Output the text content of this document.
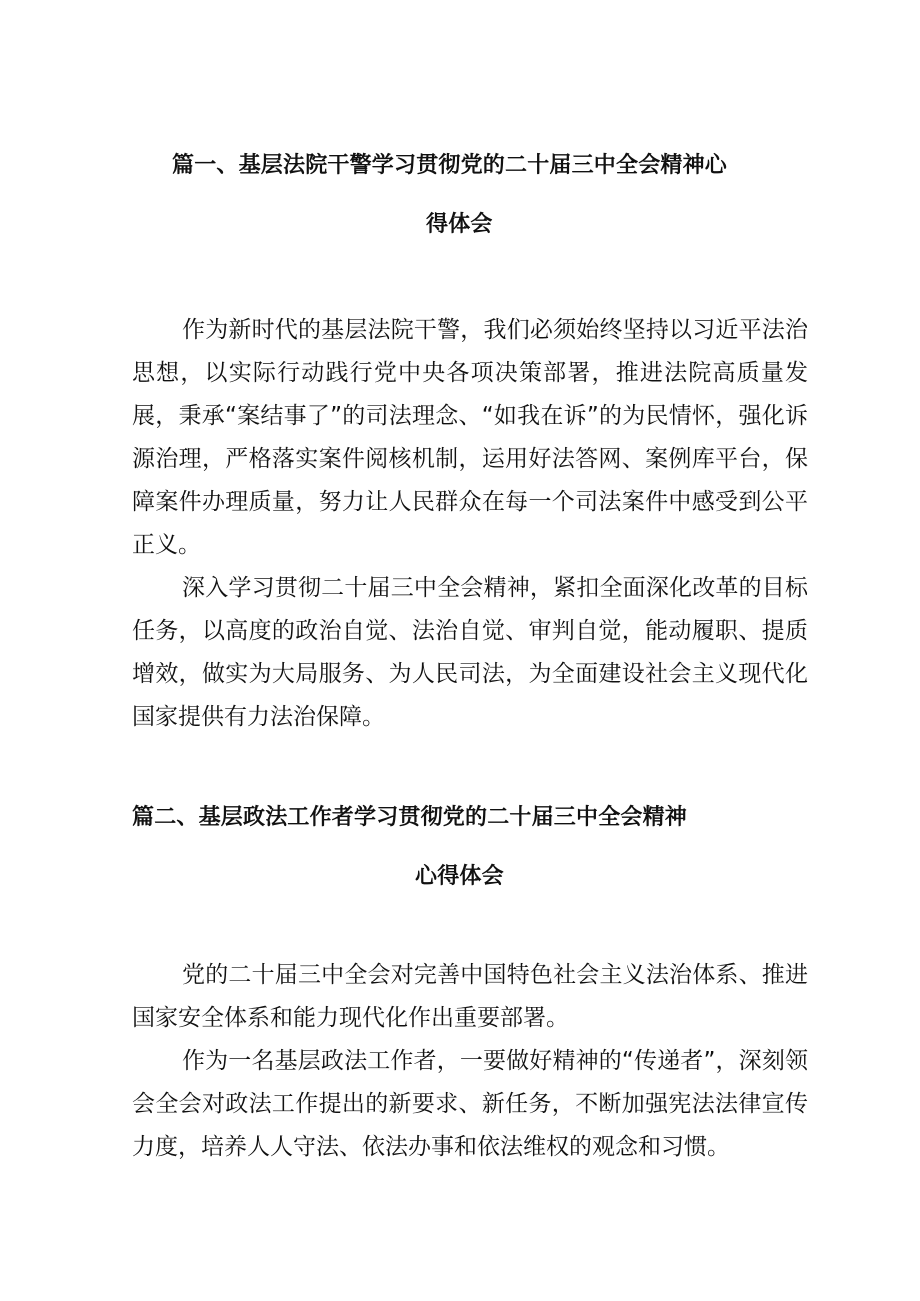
篇一、基层法院干警学习贯彻党的二十届三中全会精神心
得体会

作为新时代的基层法院干警，我们必须始终坚持以习近平法治思想，以实际行动践行党中央各项决策部署，推进法院高质量发展，秉承“案结事了”的司法理念、“如我在诉”的为民情怀，强化诉源治理，严格落实案件阅核机制，运用好法答网、案例库平台，保障案件办理质量，努力让人民群众在每一个司法案件中感受到公平正义。

深入学习贯彻二十届三中全会精神，紧扣全面深化改革的目标任务，以高度的政治自觉、法治自觉、审判自觉，能动履职、提质增效，做实为大局服务、为人民司法，为全面建设社会主义现代化国家提供有力法治保障。

篇二、基层政法工作者学习贯彻党的二十届三中全会精神
心得体会

党的二十届三中全会对完善中国特色社会主义法治体系、推进国家安全体系和能力现代化作出重要部署。

作为一名基层政法工作者，一要做好精神的“传递者”，深刻领会全会对政法工作提出的新要求、新任务，不断加强宪法法律宣传力度，培养人人守法、依法办事和依法维权的观念和习惯。
